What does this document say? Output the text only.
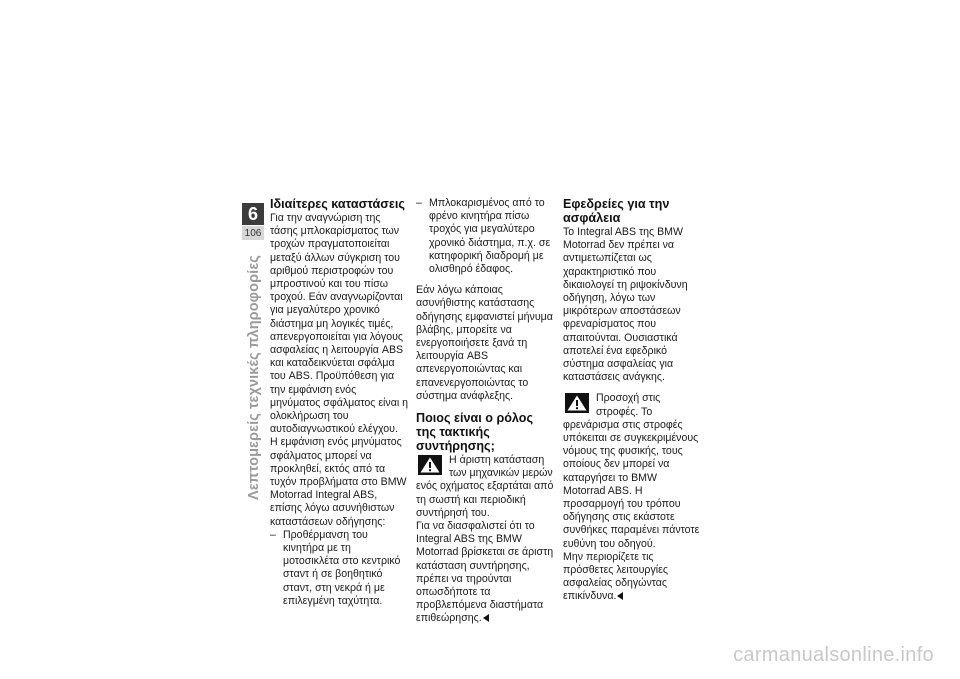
6
106
Λεπτομερείς τεχνικές πληροφορίες
Ιδιαίτερες καταστάσεις

Για την αναγνώριση της τάσης μπλοκαρίσματος των τροχών πραγματοποιείται μεταξύ άλλων σύγκριση του αριθμού περιστροφών του μπροστινού και του πίσω τροχού. Εάν αναγνωρίζονται για μεγαλύτερο χρονικό διάστημα μη λογικές τιμές, απενεργοποιείται για λόγους ασφαλείας η λειτουργία ABS και καταδεικνύεται σφάλμα του ABS. Προϋπόθεση για την εμφάνιση ενός μηνύματος σφάλματος είναι η ολοκλήρωση του αυτοδιαγνωστικού ελέγχου.

Η εμφάνιση ενός μηνύματος σφάλματος μπορεί να προκληθεί, εκτός από τα τυχόν προβλήματα στο BMW Motorrad Integral ABS, επίσης λόγω ασυνήθιστων καταστάσεων οδήγησης:

– Προθέρμανση του κινητήρα με τη μοτοσικλέτα στο κεντρικό σταντ ή σε βοηθητικό σταντ, στη νεκρά ή με επιλεγμένη ταχύτητα.
– Μπλοκαρισμένος από το φρένο κινητήρα πίσω τροχός για μεγαλύτερο χρονικό διάστημα, π.χ. σε κατηφορική διαδρομή με ολισθηρό έδαφος.

Εάν λόγω κάποιας ασυνήθιστης κατάστασης οδήγησης εμφανιστεί μήνυμα βλάβης, μπορείτε να ενεργοποιήσετε ξανά τη λειτουργία ABS απενεργοποιώντας και επανενεργοποιώντας το σύστημα ανάφλεξης.

Ποιος είναι ο ρόλος της τακτικής συντήρησης;
Η άριστη κατάσταση των μηχανικών μερών ενός οχήματος εξαρτάται από τη σωστή και περιοδική συντήρησή του.

Για να διασφαλιστεί ότι το Integral ABS της BMW Motorrad βρίσκεται σε άριστη κατάσταση συντήρησης, πρέπει να τηρούνται οπωσδήποτε τα προβλεπόμενα διαστήματα επιθεώρησης.

Εφεδρείες για την ασφάλεια

Το Integral ABS της BMW Motorrad δεν πρέπει να αντιμετωπίζεται ως χαρακτηριστικό που δικαιολογεί τη ριψοκίνδυνη οδήγηση, λόγω των μικρότερων αποστάσεων φρεναρίσματος που απαιτούνται. Ουσιαστικά αποτελεί ένα εφεδρικό σύστημα ασφαλείας για καταστάσεις ανάγκης.

Προσοχή στις στροφές. Το φρενάρισμα στις στροφές υπόκειται σε συγκεκριμένους νόμους της φυσικής, τους οποίους δεν μπορεί να καταργήσει το BMW Motorrad ABS. Η προσαρμογή του τρόπου οδήγησης στις εκάστοτε συνθήκες παραμένει πάντοτε ευθύνη του οδηγού.

Μην περιορίζετε τις πρόσθετες λειτουργίες ασφαλείας οδηγώντας επικίνδυνα.

carmanualsonline.info
